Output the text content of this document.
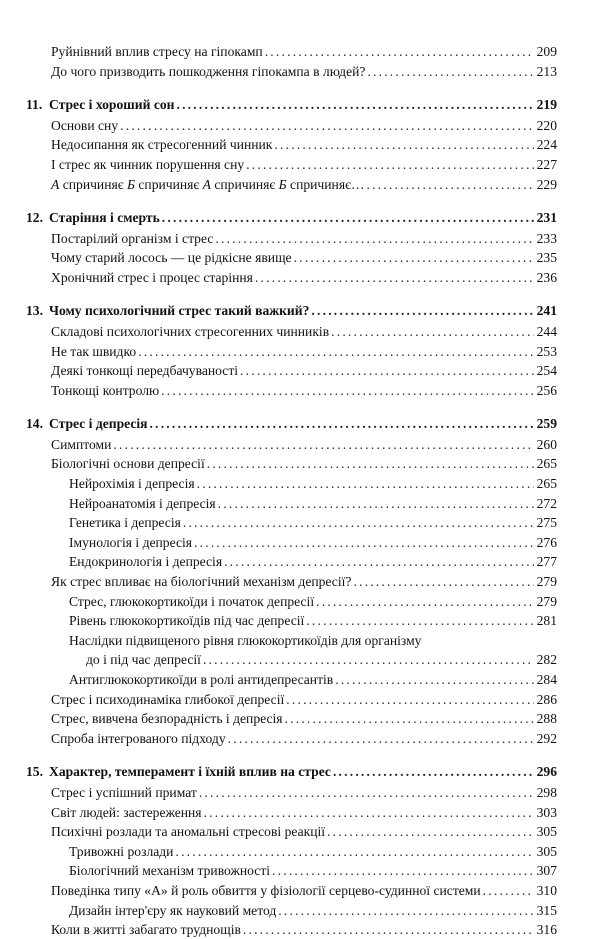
Руйнівний вплив стресу на гіпокамп . . .	209
До чого призводить пошкодження гіпокампа в людей? . . .	213
11. Стрес і хороший сон . . .	219
Основи сну . . .	220
Недосипання як стресогенний чинник . . .	224
І стрес як чинник порушення сну . . .	227
A спричиняє Б спричиняє A спричиняє Б спричиняє… . . .	229
12. Старіння і смерть . . .	231
Постарілий організм і стрес . . .	233
Чому старий лосось — це рідкісне явище . . .	235
Хронічний стрес і процес старіння . . .	236
13. Чому психологічний стрес такий важкий? . . .	241
Складові психологічних стресогенних чинників . . .	244
Не так швидко . . .	253
Деякі тонкощі передбачуваності . . .	254
Тонкощі контролю . . .	256
14. Стрес і депресія . . .	259
Симптоми . . .	260
Біологічні основи депресії . . .	265
Нейрохімія і депресія . . .	265
Нейроанатомія і депресія . . .	272
Генетика і депресія . . .	275
Імунологія і депресія . . .	276
Ендокринологія і депресія . . .	277
Як стрес впливає на біологічний механізм депресії? . . .	279
Стрес, глюкокортикоїди і початок депресії . . .	279
Рівень глюкокортикоїдів під час депресії . . .	281
Наслідки підвищеного рівня глюкокортикоїдів для організму
до і під час депресії . . .	282
Антиглюкокортикоїди в ролі антидепресантів . . .	284
Стрес і психодинаміка глибокої депресії . . .	286
Стрес, вивчена безпорадність і депресія . . .	288
Спроба інтегрованого підходу . . .	292
15. Характер, темперамент і їхній вплив на стрес . . .	296
Стрес і успішний примат . . .	298
Світ людей: застереження . . .	303
Психічні розлади та аномальні стресові реакції . . .	305
Тривожні розлади . . .	305
Біологічний механізм тривожності . . .	307
Поведінка типу «А» й роль обвиття у фізіології серцево-судинної системи . . .	310
Дизайн інтер'єру як науковий метод . . .	315
Коли в житті забагато труднощів . . .	316
